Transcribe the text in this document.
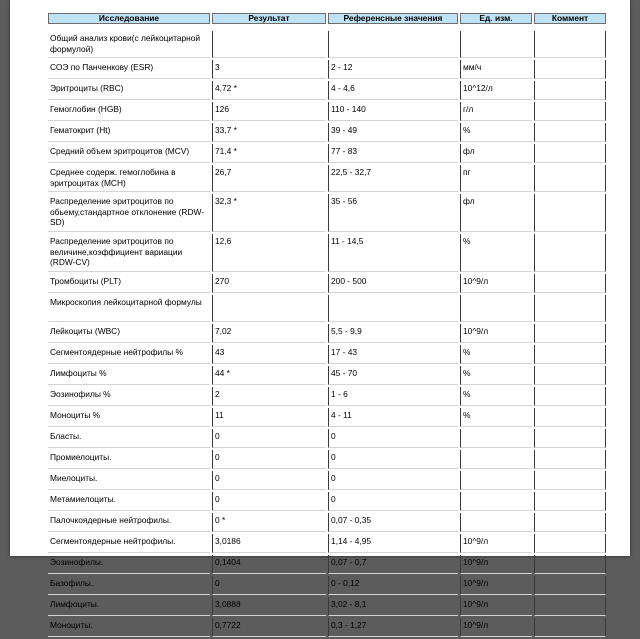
Исследование	Результат	Референсные значения	Ед. изм.	Коммент

Общий анализ крови(с лейкоцитарной формулой)				
СОЭ по Панченкову (ESR)	3	2 - 12	мм/ч	
Эритроциты (RBC)	4,72 *	4 - 4,6	10^12/л	
Гемоглобин (HGB)	126	110 - 140	г/л	
Гематокрит (Ht)	33,7 *	39 - 49	%	
Средний объем эритроцитов (MCV)	71,4 *	77 - 83	фл	
Среднее содерж. гемоглобина в эритроцитах (MCH)	26,7	22,5 - 32,7	пг	
Распределение эритроцитов по обьему,стандартное отклонение (RDW-SD)	32,3 *	35 - 56	фл	
Распределение эритроцитов по величине,коэффициент вариации (RDW-CV)	12,6	11 - 14,5	%	
Тромбоциты (PLT)	270	200 - 500	10^9/л	
Микроскопия лейкоцитарной формулы				
Лейкоциты (WBC)	7,02	5,5 - 9,9	10^9/л	
Сегментоядерные нейтрофилы %	43	17 - 43	%	
Лимфоциты %	44 *	45 - 70	%	
Эозинофилы %	2	1 - 6	%	
Моноциты %	11	4 - 11	%	
Бласты.	0	0		
Промиелоциты.	0	0		
Миелоциты.	0	0		
Метамиелоциты.	0	0		
Палочкоядерные нейтрофилы.	0 *	0,07 - 0,35		
Сегментоядерные нейтрофилы.	3,0186	1,14 - 4,95	10^9/л	
Эозинофилы.	0,1404	0,07 - 0,7	10^9/л	
Базофилы.	0	0 - 0,12	10^9/л	
Лимфоциты.	3,0888	3,02 - 8,1	10^9/л	
Моноциты.	0,7722	0,3 - 1,27	10^9/л	
